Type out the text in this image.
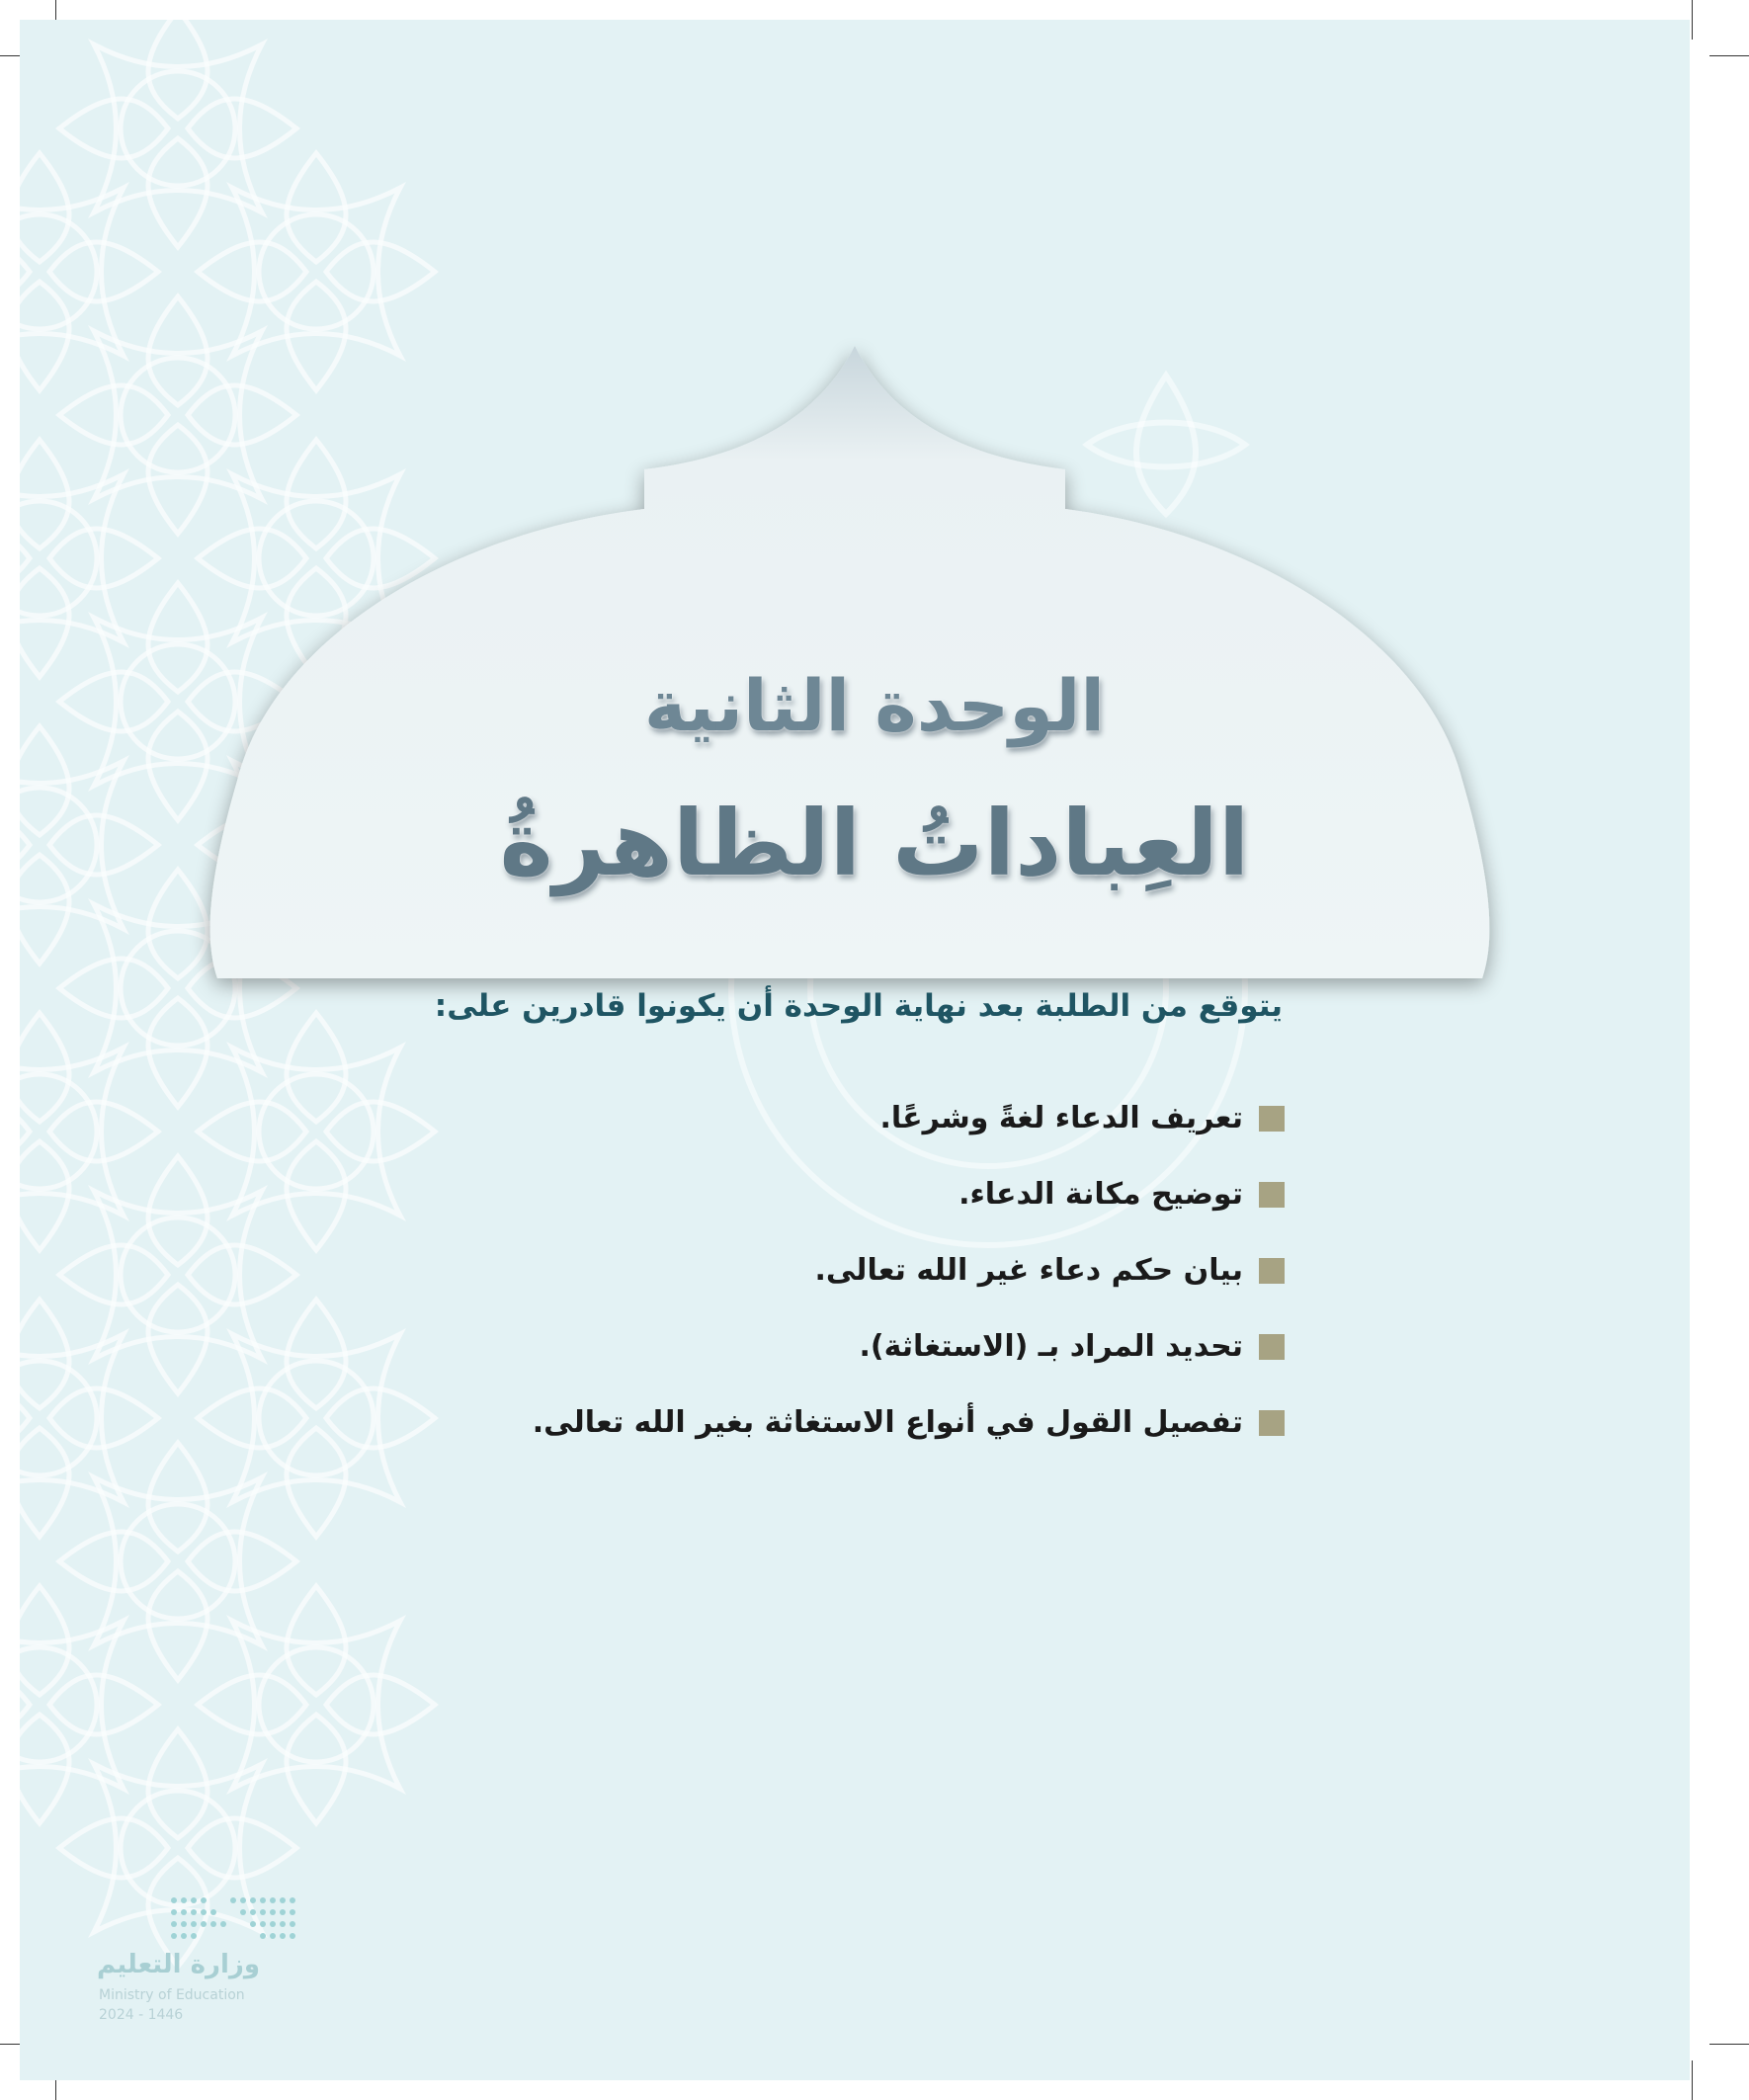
الوحدة الثانية
العِباداتُ الظاهرةُ
يتوقع من الطلبة بعد نهاية الوحدة أن يكونوا قادرين على:
تعريف الدعاء لغةً وشرعًا.
توضيح مكانة الدعاء.
بيان حكم دعاء غير الله تعالى.
تحديد المراد بـ (الاستغاثة).
تفصيل القول في أنواع الاستغاثة بغير الله تعالى.
وزارة التعليم
Ministry of Education
2024 - 1446
